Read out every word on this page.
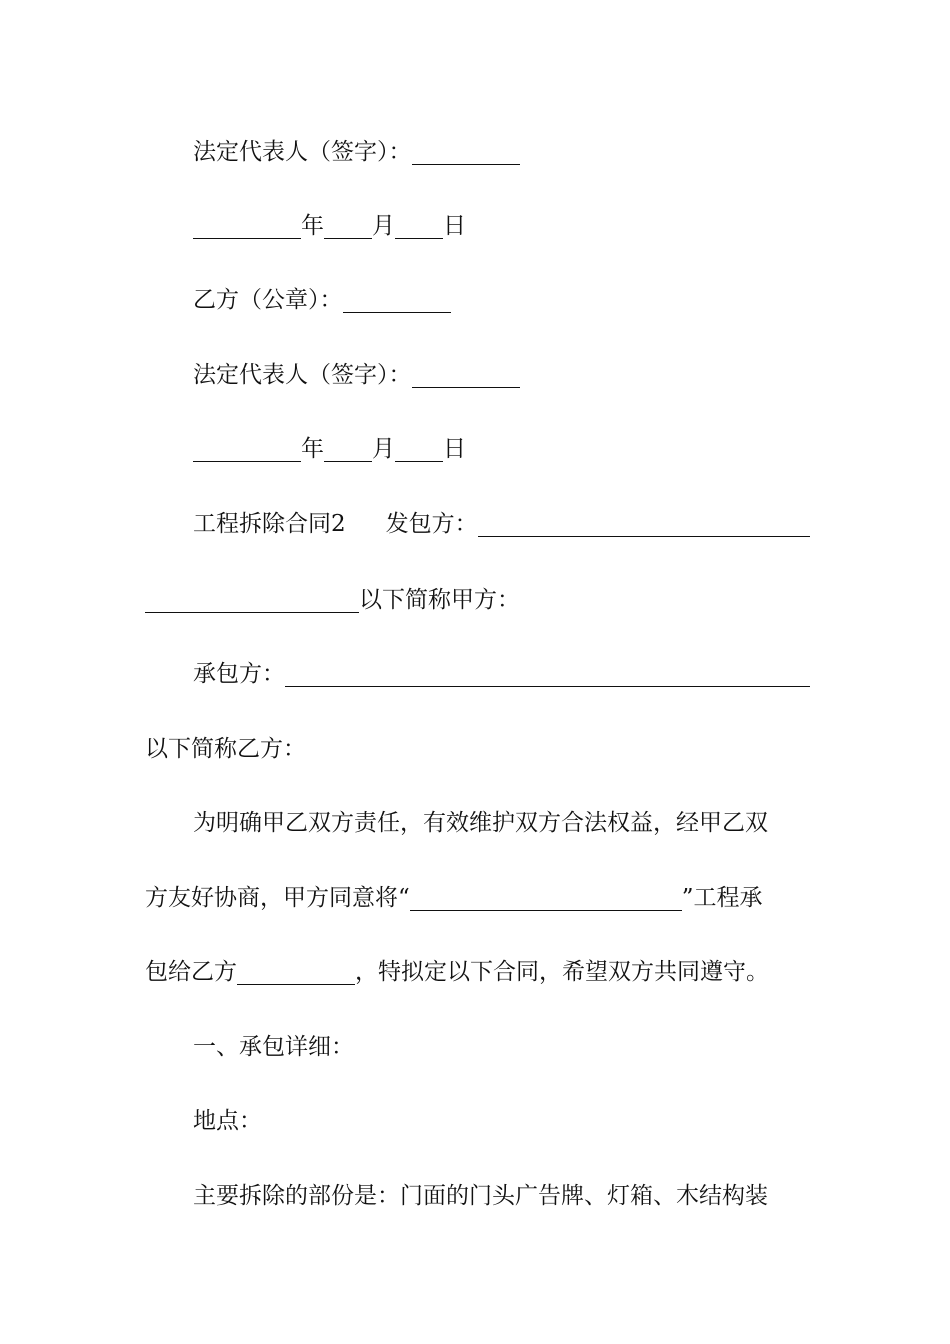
法定代表人（签字）：
年 月 日
乙方（公章）：
法定代表人（签字）：
年 月 日
工程拆除合同2 发包方：
以下简称甲方：
承包方：
以下简称乙方：
为明确甲乙双方责任，有效维护双方合法权益，经甲乙双
方友好协商，甲方同意将“	”工程承
包给乙方	，特拟定以下合同，希望双方共同遵守。
一、承包详细：
地点：
主要拆除的部份是：门面的门头广告牌、灯箱、木结构装
